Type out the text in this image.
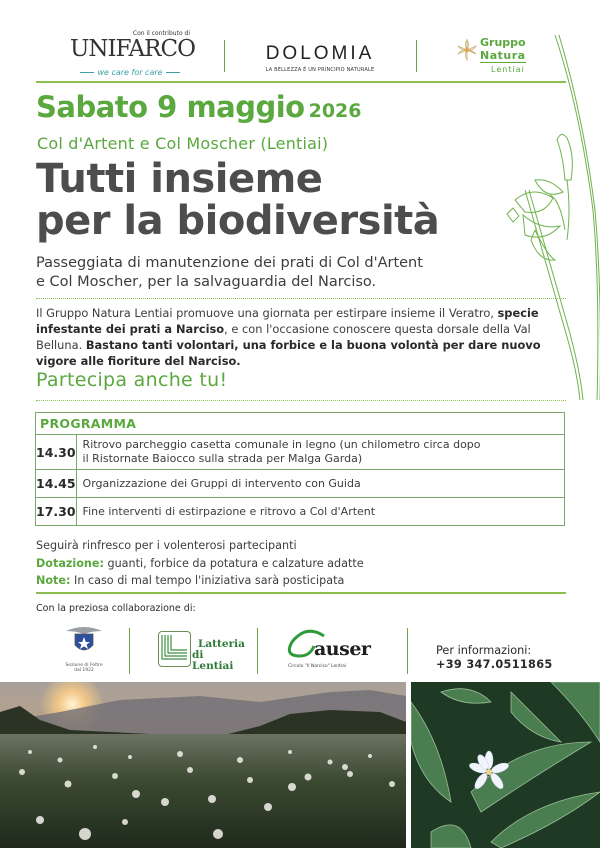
Con il contributo di
UNIFARCO
we care for care
DOLOMIA
LA BELLEZZA È UN PRINCIPIO NATURALE
Gruppo
Natura
Lentiai
Sabato 9 maggio 2026
Col d'Artent e Col Moscher (Lentiai)
Tutti insieme
per la biodiversità
Passeggiata di manutenzione dei prati di Col d'Artent
e Col Moscher, per la salvaguardia del Narciso.
Il Gruppo Natura Lentiai promuove una giornata per estirpare insieme il Veratro, specie infestante dei prati a Narciso, e con l'occasione conoscere questa dorsale della Val Belluna. Bastano tanti volontari, una forbice e la buona volontà per dare nuovo vigore alle fioriture del Narciso.
Partecipa anche tu!
PROGRAMMA	
14.30	Ritrovo parcheggio casetta comunale in legno (un chilometro circa dopo
il Ristornate Baiocco sulla strada per Malga Garda)

14.45	Organizzazione dei Gruppi di intervento con Guida
17.30	Fine interventi di estirpazione e ritrovo a Col d'Artent
Seguirà rinfresco per i volenterosi partecipanti
Dotazione: guanti, forbice da potatura e calzature adatte
Note: In caso di mal tempo l'iniziativa sarà posticipata
Con la preziosa collaborazione di:
Sezione di Feltre
dal 1922
Latteria
di Lentiai
auser
Circolo "Il Narciso" Lentiai
Per informazioni:
+39 347.0511865
